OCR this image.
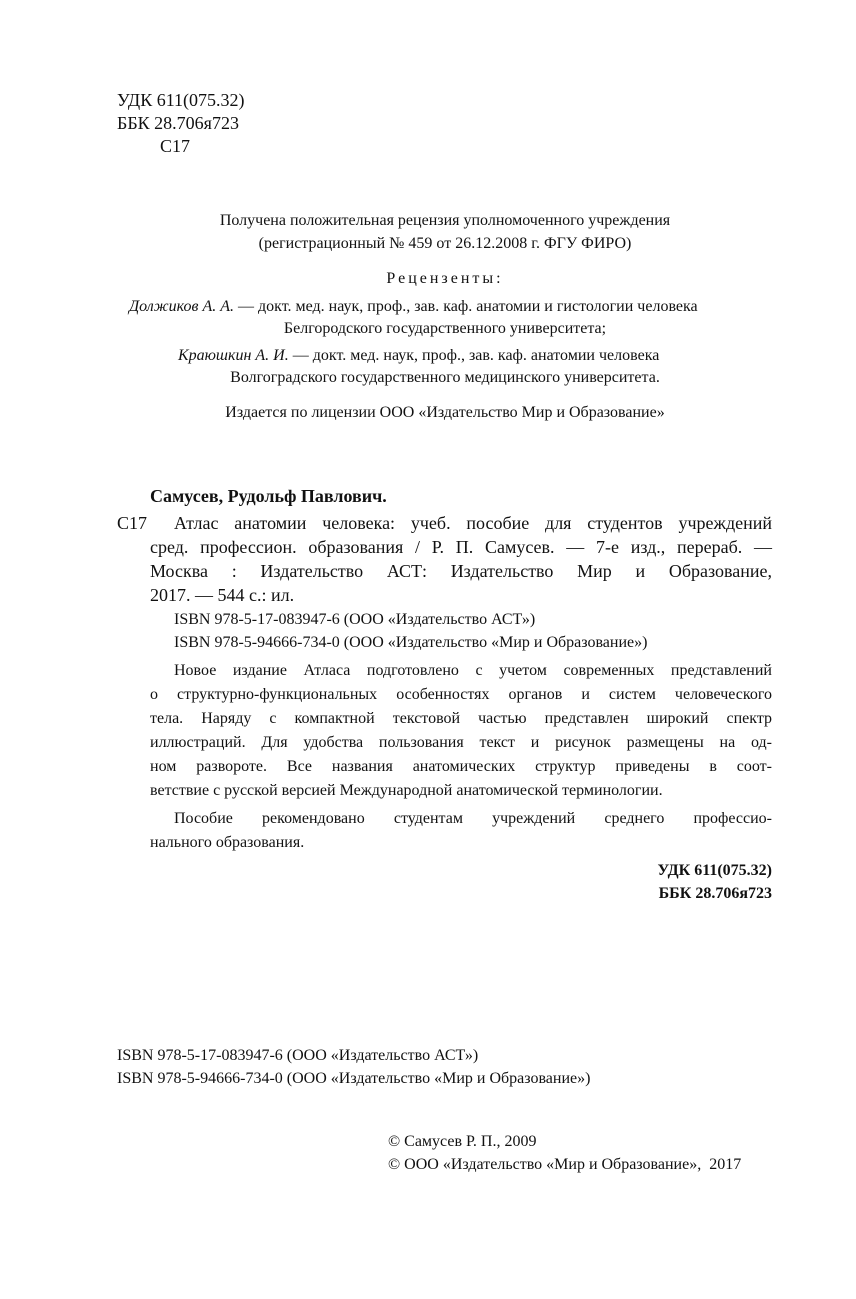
УДК 611(075.32)
ББК 28.706я723
С17
Получена положительная рецензия уполномоченного учреждения
(регистрационный № 459 от 26.12.2008 г. ФГУ ФИРО)
Рецензенты:
Должиков А. А. — докт. мед. наук, проф., зав. каф. анатомии и гистологии человека
Белгородского государственного университета;
Краюшкин А. И. — докт. мед. наук, проф., зав. каф. анатомии человека
Волгоградского государственного медицинского университета.
Издается по лицензии ООО «Издательство Мир и Образование»
Самусев, Рудольф Павлович.
С17 Атлас анатомии человека: учеб. пособие для студентов учреждений
сред. профессион. образования / Р. П. Самусев. — 7-е изд., перераб. —
Москва : Издательство АСТ: Издательство Мир и Образование,
2017. — 544 с.: ил.
ISBN 978-5-17-083947-6 (ООО «Издательство АСТ»)
ISBN 978-5-94666-734-0 (ООО «Издательство «Мир и Образование»)
Новое издание Атласа подготовлено с учетом современных представлений
о структурно-функциональных особенностях органов и систем человеческого
тела. Наряду с компактной текстовой частью представлен широкий спектр
иллюстраций. Для удобства пользования текст и рисунок размещены на од-
ном развороте. Все названия анатомических структур приведены в соот-
ветствие с русской версией Международной анатомической терминологии.
Пособие рекомендовано студентам учреждений среднего профессио-
нального образования.
УДК 611(075.32)
ББК 28.706я723
ISBN 978-5-17-083947-6 (ООО «Издательство АСТ»)
ISBN 978-5-94666-734-0 (ООО «Издательство «Мир и Образование»)
© Самусев Р. П., 2009
© ООО «Издательство «Мир и Образование»,  2017
